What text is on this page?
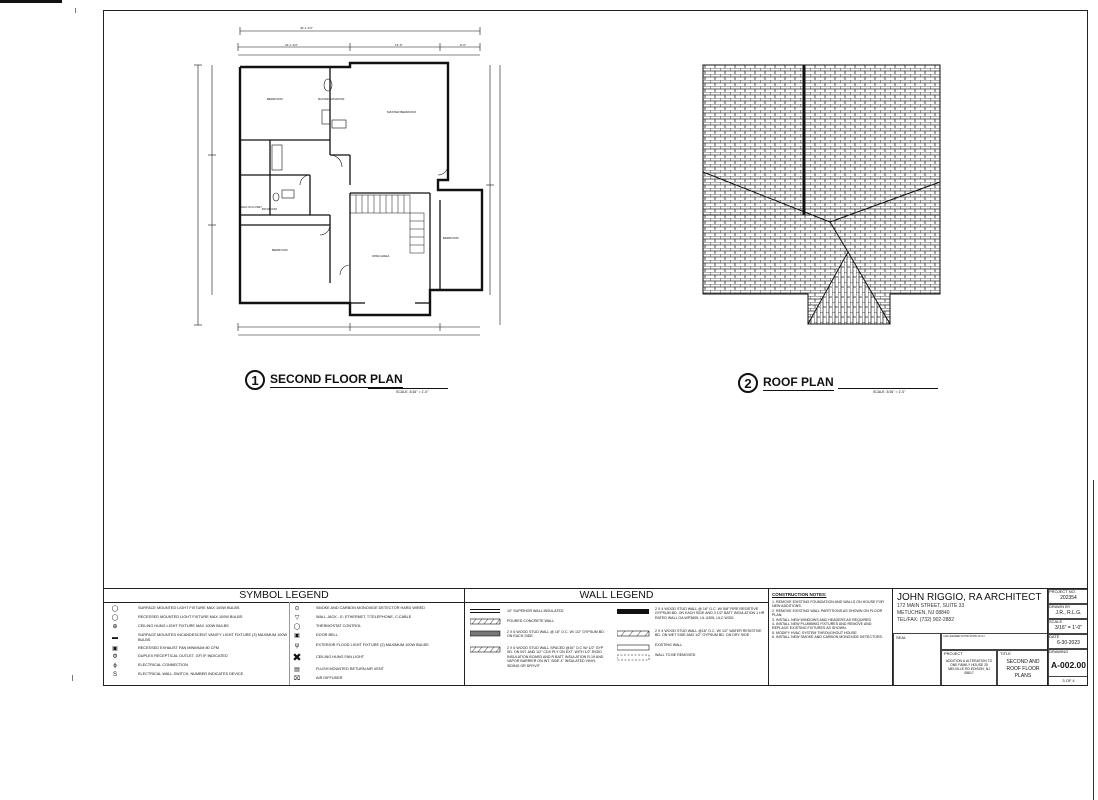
40'-1 3/4"
20'-1 3/4"	15'-6"	8'-0"
BEDROOM
MASTER BEDROOM
WALK-IN CLOSET
BEDROOM
OPEN AREA
BEDROOM
BATHROOM
MASTER BATHROOM
1 SECOND FLOOR PLAN
SCALE: 3/16" = 1'-0"
2 ROOF PLAN
SCALE: 3/16" = 1'-0"
SYMBOL LEGEND
◯	SURFACE MOUNTED LIGHT FIXTURE MAX 100W BULBS
◯	RECESSED MOUNTED LIGHT FIXTURE MAX 100W BULBS
⊕	CEILING HUNG LIGHT FIXTURE MAX 100W BULBS
▬	SURFACE MOUNTED INCANDESCENT VANITY LIGHT FIXTURE (3) MAXIMUM 100W BULBS
▣	RECESSED EXHAUST FAN MINIMUM 80 CFM
Φ	DUPLEX RECEPTICAL OUTLET, GFI IF INDICATED
ϕ	ELECTRICAL CONNECTION
S	ELECTRICAL WALL SWITCH, NUMBER INDICATES DEVICE
⊙	SMOKE AND CARBON MONOXIDE DETECTOR HARD WIRED
▽	WALL JACK - E: ETHERNET, T:TELEPHONE, C:CABLE
◯	THERMOSTAT CONTROL
▣	DOOR BELL
ψ	EXTERIOR FLOOD LIGHT FIXTURE (2) MAXIMUM 100W BULBS
✖	CEILING HUNG FAN LIGHT
▤	FLUSH MOUNTED RETURN AIR VENT
⌧	AIR DIFFUSER
WALL LEGEND
10" SUPERIOR WALL INSULATED
POURED CONCRETE WALL
2 X 6 WOOD STUD WALL @ 16" O.C. W/ 1/2" GYPSUM BD. ON EACH SIDE.
2 X 6 WOOD STUD WALL SPACED @16" O.C W/ 1/2" GYP SD. ON INT. AND 1/2" CDX PLY ON EXT. WITH 1/2" RIGID INSULATION BOARD AND R BATT INSULATION R-19 AND VAPOR BARRIER ON INT. SIDE 4" INSULATED VINYL SIDING OR DRYVIT
2 X 4 WOOD STUD WALL @ 16" O.C. W/ 5/8" FIRE RESISTIVE GYPSUM BD. ON EACH SIDE AND 3 1/2" BATT INSULATION 1 HR RATED WALL GA WP3605, UL U305, ULC W301
2 X 4 WOOD STUD WALL @16" O.C. W/ 1/2" WATER RESISTIVE BD. ON WET SIDE AND 1/2" GYPSUM BD. ON DRY SIDE
EXISTING WALL
WALL TO BE REMOVED
CONSTRUCTION NOTES:
1. REMOVE EXISTING FOUNDATION AND WALLS ON HOUSE FOR NEW ADDITIONS.
2. REMOVE EXISTING WALL PARTITIONS AS SHOWN ON FLOOR PLAN.
3. INSTALL NEW WINDOWS AND HEADERS AS REQUIRED
4. INSTALL NEW PLUMBING FIXTURES AND REMOVE AND REPLACE EXISTING FIXTURES AS SHOWN.
5. MODIFY HVAC SYSTEM THROUGHOUT HOUSE
6. INSTALL NEW SMOKE AND CARBON MONOXIDE DETECTORS.
JOHN RIGGIO, RA ARCHITECT
172 MAIN STREET, SUITE 33
METUCHEN, NJ 08840
TEL/FAX: (732) 902-2882
SEAL	I AM LICENSED IN THE STATE OF NJ
PROJECT
ADDITION & ALTERATION TO ONE FAMILY HOUSE 25 MELVILLE RD EDISON, NJ 08817
TITLE
SECOND AND ROOF FLOOR PLANS
PROJECT NO.
202354
DRAWN BY
J.R., R.L.G.
SCALE
3/16" = 1'-0"
DATE
6-30-2023
DRAWING
A-002.00
3 OF 4
